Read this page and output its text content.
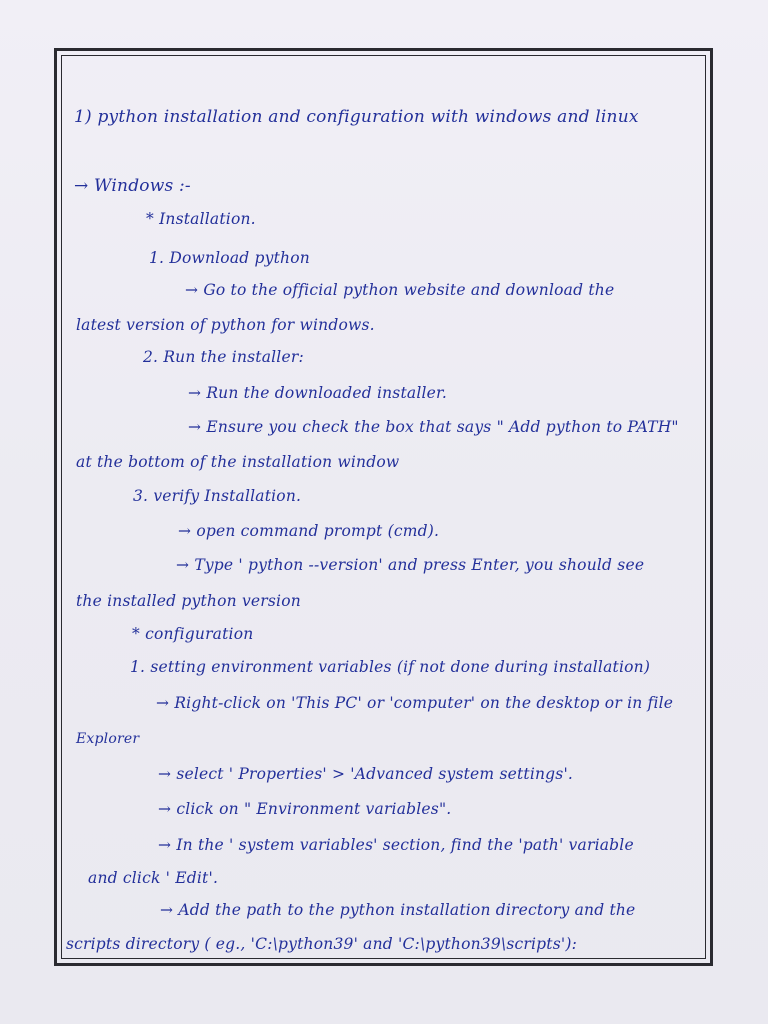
1) python installation and configuration with windows and linux
→ Windows :-
* Installation.
1. Download python
→ Go to the official python website and download the
latest version of python for windows.
2. Run the installer:
→ Run the downloaded installer.
→ Ensure you check the box that says " Add python to PATH"
at the bottom of the installation window
3. verify Installation.
→ open command prompt (cmd).
→ Type ' python --version' and press Enter, you should see
the installed python version
* configuration
1. setting environment variables (if not done during installation)
→ Right-click on 'This PC' or 'computer' on the desktop or in file
Explorer
→ select ' Properties' > 'Advanced system settings'.
→ click on " Environment variables".
→ In the ' system variables' section, find the 'path' variable
and click ' Edit'.
→ Add the path to the python installation directory and the
scripts directory ( eg., 'C:\python39' and 'C:\python39\scripts'):
